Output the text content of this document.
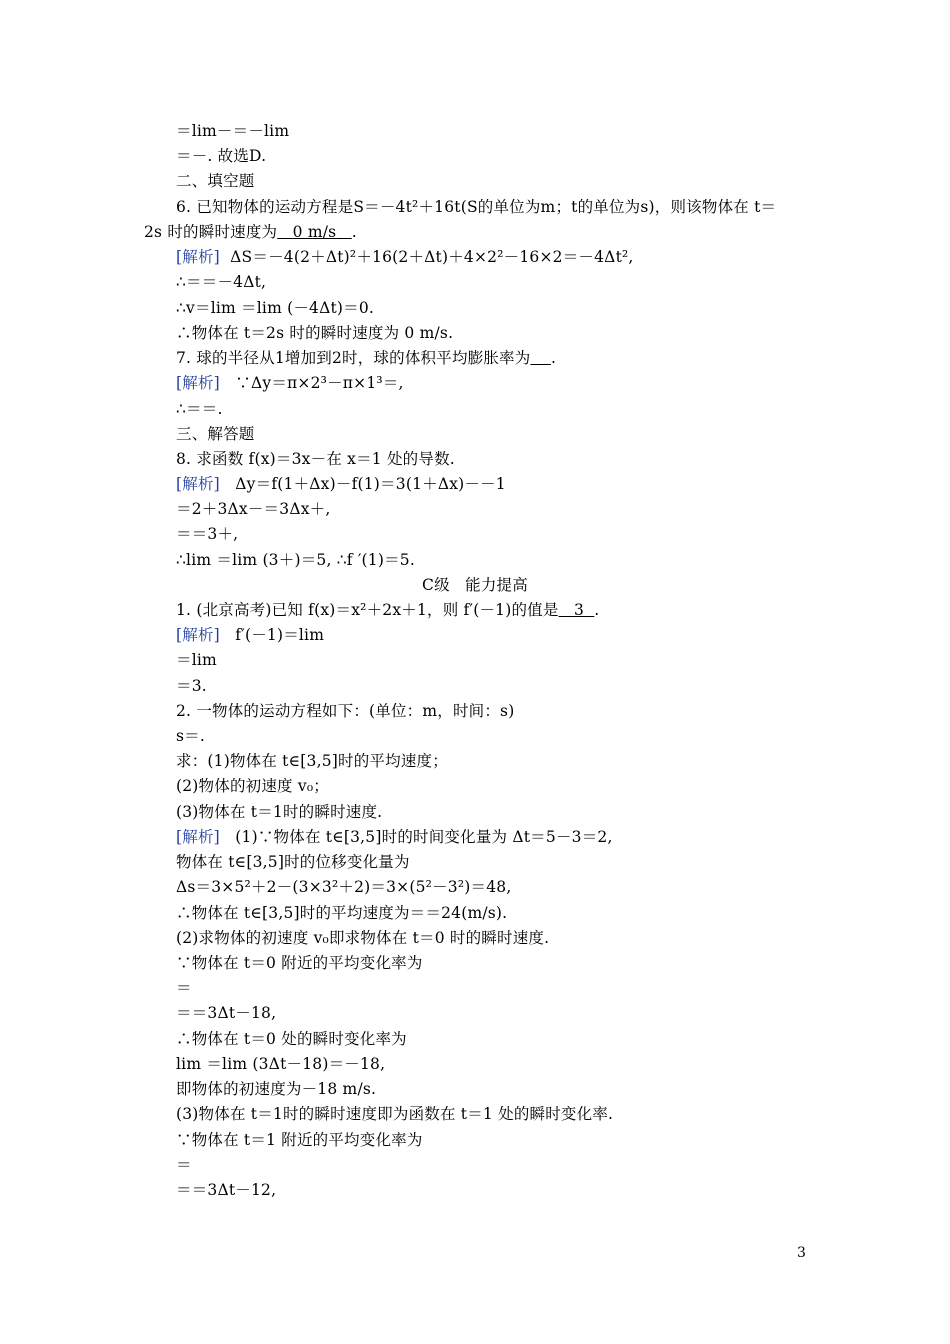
＝lim－＝－lim
＝－. 故选D.
二、填空题
6. 已知物体的运动方程是S＝－4t²＋16t(S的单位为m；t的单位为s)，则该物体在 t＝
2s 时的瞬时速度为 0 m/s .
[解析]  ΔS＝－4(2＋Δt)²＋16(2＋Δt)＋4×2²－16×2＝－4Δt²,
∴＝＝－4Δt,
∴v＝lim ＝lim (－4Δt)＝0.
∴物体在 t＝2s 时的瞬时速度为 0 m/s.
7. 球的半径从1增加到2时，球的体积平均膨胀率为 .
[解析]   ∵Δy＝π×2³－π×1³＝,
∴＝＝.
三、解答题
8. 求函数 f(x)＝3x－在 x＝1 处的导数.
[解析]   Δy＝f(1＋Δx)－f(1)＝3(1＋Δx)－－1
＝2＋3Δx－＝3Δx＋,
＝＝3＋,
∴lim ＝lim (3＋)＝5, ∴f ′(1)＝5.
C级   能力提高
1. (北京高考)已知 f(x)＝x²＋2x＋1，则 f′(－1)的值是 3 .
[解析]   f′(－1)＝lim
＝lim
＝3.
2. 一物体的运动方程如下：(单位：m，时间：s)
s＝.
求：(1)物体在 t∈[3,5]时的平均速度；
(2)物体的初速度 v₀；
(3)物体在 t＝1时的瞬时速度.
[解析]   (1)∵物体在 t∈[3,5]时的时间变化量为 Δt＝5－3＝2,
物体在 t∈[3,5]时的位移变化量为
Δs＝3×5²＋2－(3×3²＋2)＝3×(5²－3²)＝48,
∴物体在 t∈[3,5]时的平均速度为＝＝24(m/s).
(2)求物体的初速度 v₀即求物体在 t＝0 时的瞬时速度.
∵物体在 t＝0 附近的平均变化率为
＝
＝＝3Δt－18,
∴物体在 t＝0 处的瞬时变化率为
lim ＝lim (3Δt－18)＝－18,
即物体的初速度为－18 m/s.
(3)物体在 t＝1时的瞬时速度即为函数在 t＝1 处的瞬时变化率.
∵物体在 t＝1 附近的平均变化率为
＝
＝＝3Δt－12,
3
